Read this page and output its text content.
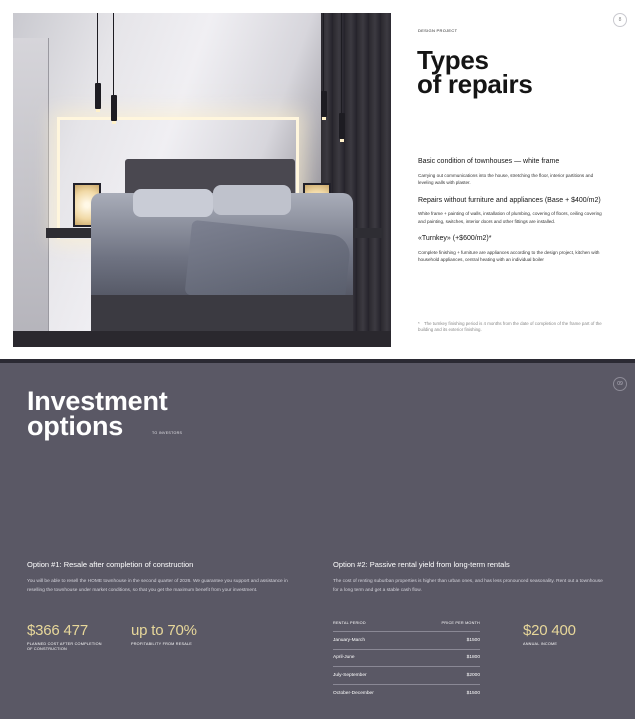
DESIGN PROJECT
8
Types
of repairs
Basic condition of townhouses — white frame
Carrying out communications into the house, stretching the floor, interior partitions and leveling walls with plaster.
Repairs without furniture and appliances (Base + $400/m2)
White frame + painting of walls, installation of plumbing, covering of floors, ceiling covering and painting, switches, interior doors and other fittings are installed.
«Turnkey» (+$600/m2)*
Complete finishing + furniture are appliances according to the design project, kitchen with household appliances, central heating with an individual boiler
* The turnkey finishing period is 4 months from the date of completion of the frame part of the building and its exterior finishing.
Investment
options	TO INVESTORS
09
Option #1: Resale after completion of construction
You will be able to resell the HOME townhouse in the second quarter of 2026. We guarantee you support and assistance in reselling the townhouse under market conditions, so that you get the maximum benefit from your investment.
Option #2: Passive rental yield from long-term rentals
The cost of renting suburban properties is higher than urban ones, and has less pronounced seasonality. Rent out a townhouse for a long term and get a stable cash flow.
$366 477
PLANNED COST AFTER COMPLETION OF CONSTRUCTION
up to 70%
PROFITABILITY FROM RESALE
$20 400
ANNUAL INCOME
RENTAL PERIOD	PRICE PER MONTH
January-March	$1500
April-June	$1800
July-September	$2000
October-December	$1500
